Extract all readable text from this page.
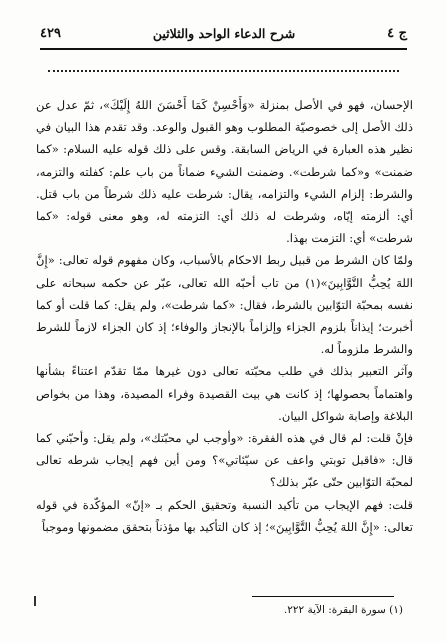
ج ٤
شرح الدعاء الواحد والثلاثين
٤٢٩

الإحسان، فهو في الأصل بمنزلة «وَأَحْسِنْ كَمَا أَحْسَنَ اللهُ إِلَيْكَ»، ثمّ عدل عن ذلك الأصل إلى خصوصيّة المطلوب وهو القبول والوعد. وقد تقدم هذا البيان في نظير هذه العبارة في الرياض السابقة. وقس على ذلك قوله عليه السلام: «كما ضمنت» و«كما شرطت». وضمنت الشيء ضماناً من باب علم: كفلته والتزمه، والشرط: إلزام الشيء والتزامه، يقال: شرطت عليه ذلك شرطاً من باب قتل. أي: ألزمته إيّاه، وشرطت له ذلك أي: التزمته له، وهو معنى قوله: «كما شرطت» أي: التزمت بهذا.

ولمّا كان الشرط من قبيل ربط الاحكام بالأسباب، وكان مفهوم قوله تعالى: «إِنَّ اللهَ يُحِبُّ التَّوَّابِينَ»(١) من تاب أحبّه الله تعالى، عبّر عن حكمه سبحانه على نفسه بمحبّة التوّابين بالشرط، فقال: «كما شرطت»، ولم يقل: كما قلت أو كما أخبرت؛ إيذاناً بلزوم الجزاء وإلزاماً بالإنجاز والوفاء؛ إذ كان الجزاء لازماً للشرط والشرط ملزوماً له.

وآثر التعبير بذلك في طلب محبّته تعالى دون غيرها ممّا تقدّم اعتناءً بشأنها واهتماماً بحصولها؛ إذ كانت هي بيت القصيدة وفراء المصيدة، وهذا من بخواص البلاغة وإصابة شواكل البيان.

فإنْ قلت: لم قال في هذه الفقرة: «وأوجب لي محبّتك»، ولم يقل: وأحبّني كما قال: «فاقبل توبتي واعف عن سيّئاتي»؟ ومن أين فهم إيجاب شرطه تعالى لمحبّة التوّابين حتّى عبّر بذلك؟

قلت: فهم الإيجاب من تأكيد النسبة وتحقيق الحكم بـ «إنّ» المؤكّدة في قوله تعالى: «إِنَّ اللهَ يُحِبُّ التَّوَّابِينَ»؛ إذ كان التأكيد بها مؤذناً بتحقق مضمونها وموجباً

(١) سورة البقرة: الآية ٢٢٢.
